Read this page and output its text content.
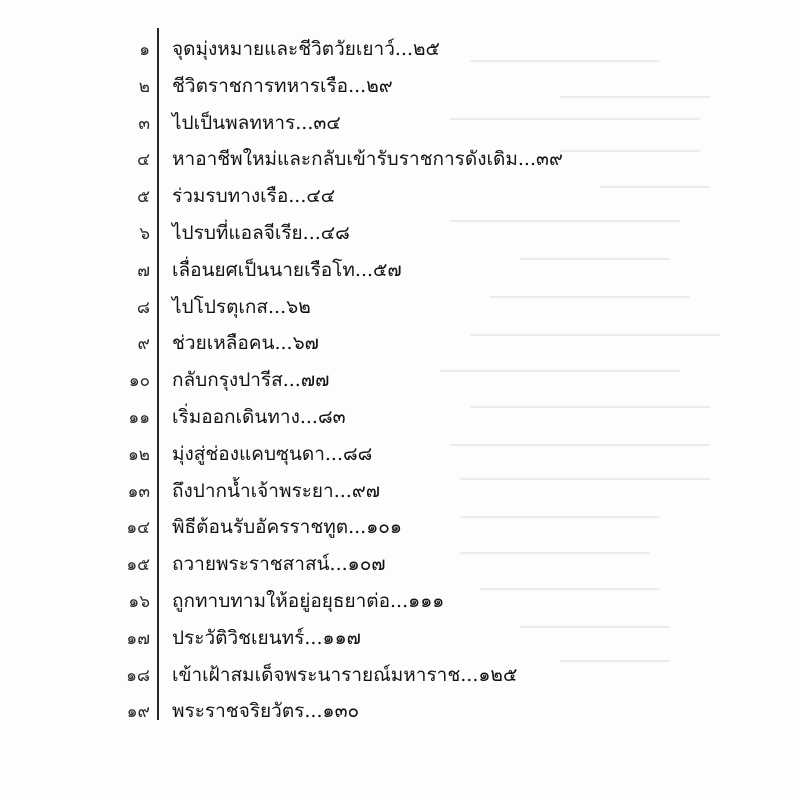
๑ จุดมุ่งหมายและชีวิตวัยเยาว์...๒๕
๒ ชีวิตราชการทหารเรือ...๒๙
๓ ไปเป็นพลทหาร...๓๔
๔ หาอาชีพใหม่และกลับเข้ารับราชการดังเดิม...๓๙
๕ ร่วมรบทางเรือ...๔๔
๖ ไปรบที่แอลจีเรีย...๔๘
๗ เลื่อนยศเป็นนายเรือโท...๕๗
๘ ไปโปรตุเกส...๖๒
๙ ช่วยเหลือคน...๖๗
๑๐ กลับกรุงปารีส...๗๗
๑๑ เริ่มออกเดินทาง...๘๓
๑๒ มุ่งสู่ช่องแคบซุนดา...๘๘
๑๓ ถึงปากน้ำเจ้าพระยา...๙๗
๑๔ พิธีต้อนรับอัครราชทูต...๑๐๑
๑๕ ถวายพระราชสาสน์...๑๐๗
๑๖ ถูกทาบทามให้อยู่อยุธยาต่อ...๑๑๑
๑๗ ประวัติวิชเยนทร์...๑๑๗
๑๘ เข้าเฝ้าสมเด็จพระนารายณ์มหาราช...๑๒๕
๑๙ พระราชจริยวัตร...๑๓๐
